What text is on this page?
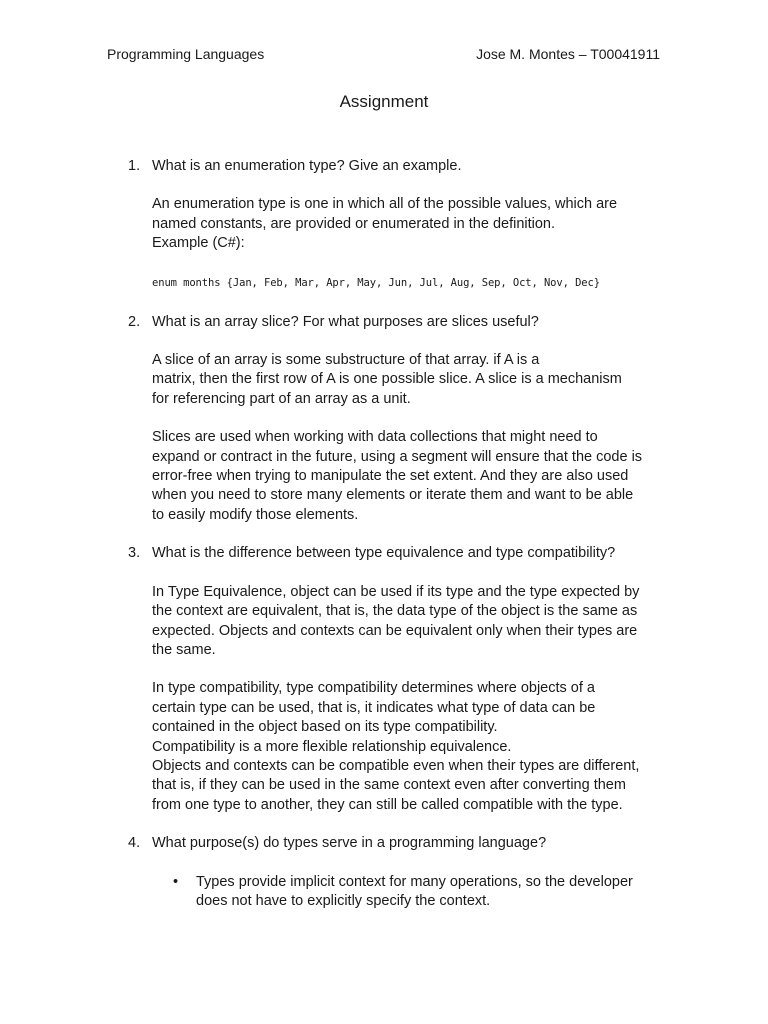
Programming Languages	Jose M. Montes – T00041911
Assignment
1. What is an enumeration type? Give an example.
An enumeration type is one in which all of the possible values, which are
named constants, are provided or enumerated in the definition.
Example (C#):
enum months {Jan, Feb, Mar, Apr, May, Jun, Jul, Aug, Sep, Oct, Nov, Dec}
2. What is an array slice? For what purposes are slices useful?
A slice of an array is some substructure of that array. if A is a
matrix, then the first row of A is one possible slice. A slice is a mechanism
for referencing part of an array as a unit.
Slices are used when working with data collections that might need to
expand or contract in the future, using a segment will ensure that the code is
error-free when trying to manipulate the set extent. And they are also used
when you need to store many elements or iterate them and want to be able
to easily modify those elements.
3. What is the difference between type equivalence and type compatibility?
In Type Equivalence, object can be used if its type and the type expected by
the context are equivalent, that is, the data type of the object is the same as
expected. Objects and contexts can be equivalent only when their types are
the same.
In type compatibility, type compatibility determines where objects of a
certain type can be used, that is, it indicates what type of data can be
contained in the object based on its type compatibility.
Compatibility is a more flexible relationship equivalence.
Objects and contexts can be compatible even when their types are different,
that is, if they can be used in the same context even after converting them
from one type to another, they can still be called compatible with the type.
4. What purpose(s) do types serve in a programming language?
• Types provide implicit context for many operations, so the developer
does not have to explicitly specify the context.
